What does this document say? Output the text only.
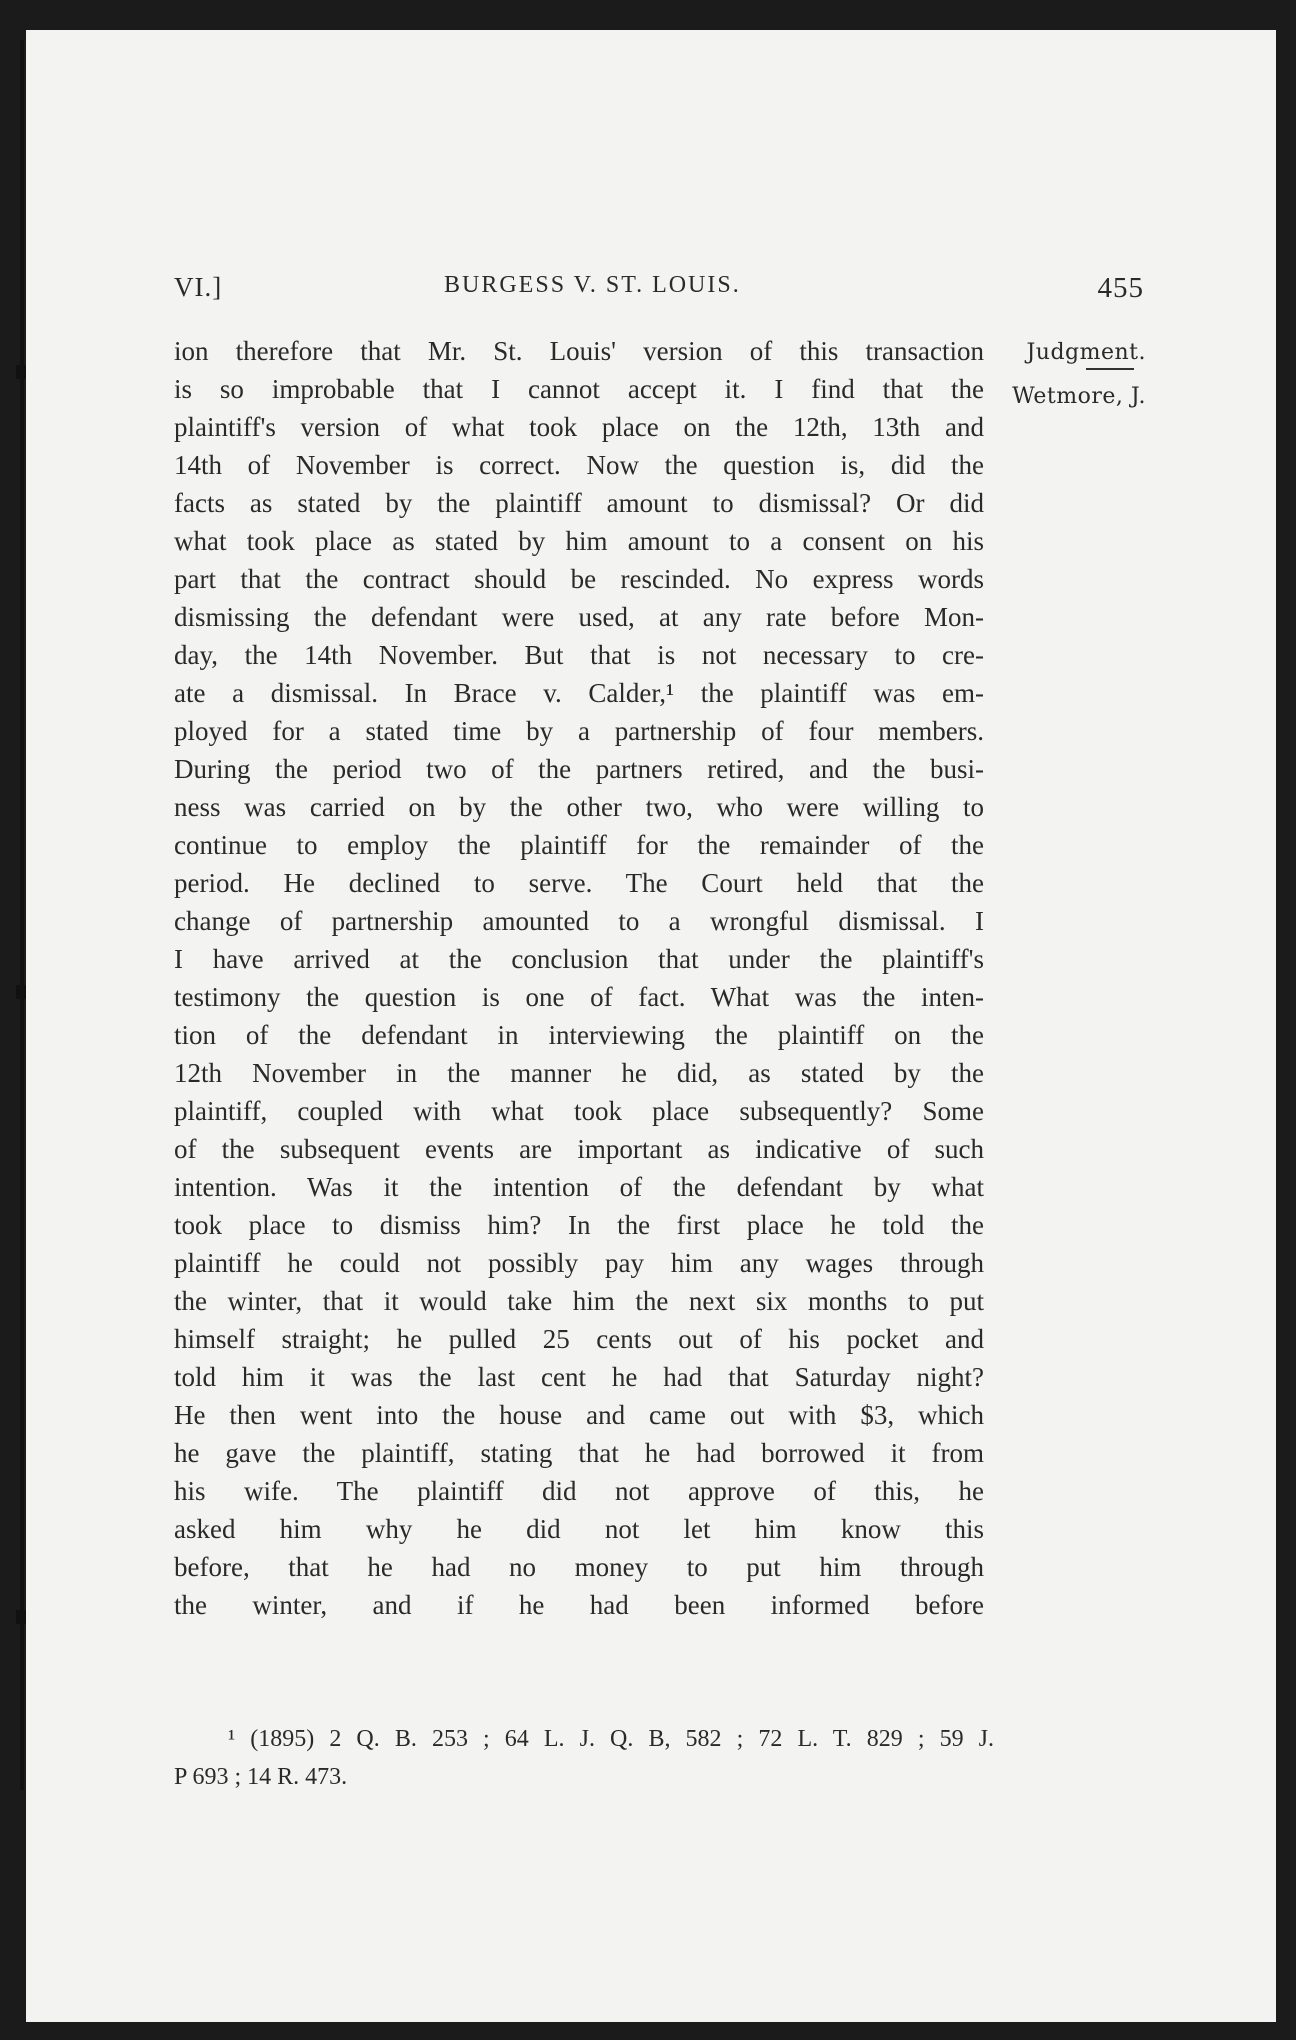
VI.]	BURGESS V. ST. LOUIS.	455
Judgment.
Wetmore, J.
ion therefore that Mr. St. Louis' version of this transaction
is so improbable that I cannot accept it. I find that the
plaintiff's version of what took place on the 12th, 13th and
14th of November is correct. Now the question is, did the
facts as stated by the plaintiff amount to dismissal? Or did
what took place as stated by him amount to a consent on his
part that the contract should be rescinded. No express words
dismissing the defendant were used, at any rate before Mon-
day, the 14th November. But that is not necessary to cre-
ate a dismissal. In Brace v. Calder,¹ the plaintiff was em-
ployed for a stated time by a partnership of four members.
During the period two of the partners retired, and the busi-
ness was carried on by the other two, who were willing to
continue to employ the plaintiff for the remainder of the
period. He declined to serve. The Court held that the
change of partnership amounted to a wrongful dismissal. I
I have arrived at the conclusion that under the plaintiff's
testimony the question is one of fact. What was the inten-
tion of the defendant in interviewing the plaintiff on the
12th November in the manner he did, as stated by the
plaintiff, coupled with what took place subsequently? Some
of the subsequent events are important as indicative of such
intention. Was it the intention of the defendant by what
took place to dismiss him? In the first place he told the
plaintiff he could not possibly pay him any wages through
the winter, that it would take him the next six months to put
himself straight; he pulled 25 cents out of his pocket and
told him it was the last cent he had that Saturday night?
He then went into the house and came out with $3, which
he gave the plaintiff, stating that he had borrowed it from
his wife. The plaintiff did not approve of this, he
asked him why he did not let him know this
before, that he had no money to put him through
the winter, and if he had been informed before
¹ (1895) 2 Q. B. 253 ; 64 L. J. Q. B, 582 ; 72 L. T. 829 ; 59 J.
P 693 ; 14 R. 473.
